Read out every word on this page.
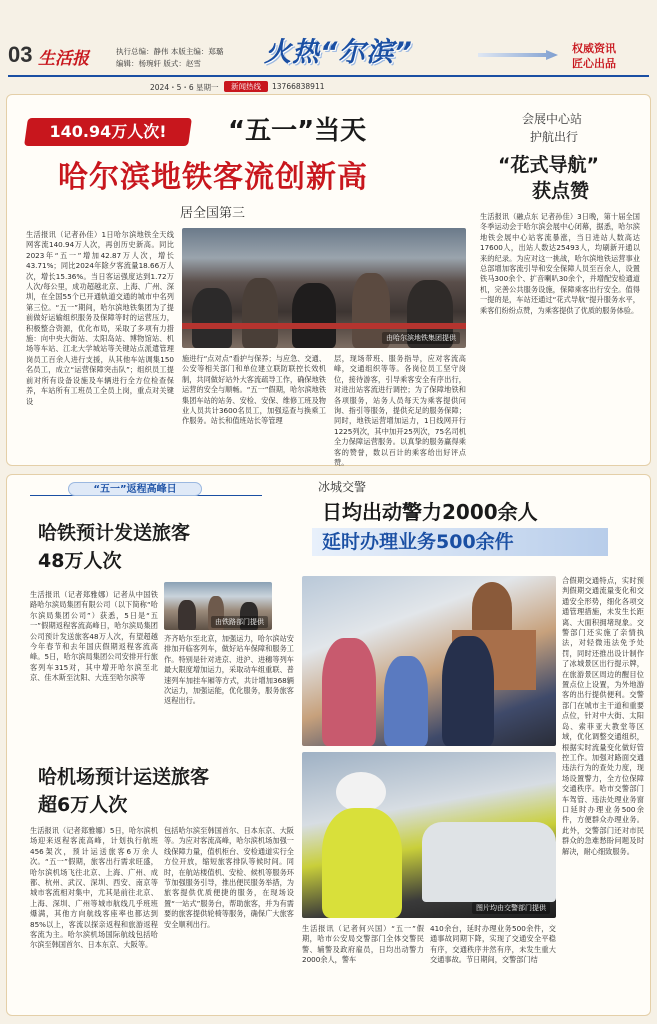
03 生活报	执行总编：静伟 本版主编：郑璐
编辑：杨琬轩 版式：赵雪 火热“尔滨”	权威资讯
匠心出品
2024・5・6 星期一	新闻热线	13766838911
140.94万人次!	“五一”当天
哈尔滨地铁客流创新高
居全国第三
由哈尔滨地铁集团提供
生活报讯（记者孙佳）1日哈尔滨地铁全天线网客流140.94万人次，再创历史新高。同比2023年“五一”增加42.87万人次，增长43.71%；同比2024年除夕客流量18.66万人次，增长15.36%。当日客运强度达到1.72万人次/每公里，成功超越北京、上海、广州、深圳，在全国55个已开通轨道交通的城市中名列第三位。“五一”期间，哈尔滨地铁集团为了提前做好运输组织服务及保障等时的运营压力，积极整合资源，优化布局，采取了多项有力措施：向中央大街站、太阳岛站、博物馆站、机场等车站、江北大学城站等关键站点派遣管理岗员工百余人进行支援，从其他车站调集150名员工，成立“运营保障突击队”；组织员工提前对所有设备设施及车辆进行全方位检查保养，车站所有工班员工全员上岗，重点对关键设
施进行“点对点”看护与保养；与应急、交通、公安等相关部门和单位建立联防联控长效机制，共同做好站外大客流疏导工作，确保地铁运营的安全与顺畅。“五一”假期，哈尔滨地铁集团车站的站务、安检、安保、维修工班及物业人员共计3600名员工，加强巡查与换乘工作服务。站长和值班站长等管理
层，现场带班、服务指导，应对客流高峰，交通组织等等。各岗位员工坚守岗位，接待游客，引导乘客安全有序出行，对进出站客流进行调控；为了保障地铁和各项服务，站务人员每天为乘客提供问询、指引等服务，提供充足的服务保障；同时，地铁运营增加运力，1日线网开行1225列次，其中加开25列次，75名司机全力保障运营服务。以真挚的服务赢得乘客的赞誉，数以百计的乘客给出好评点赞。
会展中心站
护航出行
“花式导航”
获点赞
生活报讯（融点东 记者孙佳）3日晚，第十届全国冬季运动会于哈尔滨会展中心闭幕，据悉，哈尔滨地铁会展中心站客流暴涨，当日进站人数高达17600人，出站人数达25493人，均刷新开通以来的纪录。为应对这一挑战，哈尔滨地铁运营事业总部增加客流引导和安全保障人员至百余人，设置铁马300余个、扩音喇叭30余个，并增配安检通道机，完善公共服务设施，保障乘客出行安全。值得一提的是，车站还通过“花式导航”提升服务水平，乘客们纷纷点赞，为乘客提供了优质的服务体验。
“五一”返程高峰日
哈铁预计发送旅客
48万人次
由铁路部门提供
生活报讯（记者郑雅娜）记者从中国铁路哈尔滨局集团有限公司（以下简称“哈尔滨局集团公司”）获悉，5日是“五一”假期返程客流高峰日，哈尔滨局集团公司预计发送旅客48万人次，有望超越今年春节和去年国庆假期返程客流高峰。5日，哈尔滨局集团公司安排开行旅客列车315对，其中增开哈尔滨至北京、佳木斯至沈阳、大连至哈尔滨等
齐齐哈尔至北京，加强运力，哈尔滨站安排加开临客列车，做好站车保障和服务工作。特别是针对进京、进沪、进穗等列车最大限度增加运力，采取动车组重联、普速列车加挂车厢等方式，共计增加368辆次运力，加强运能，优化服务，服务旅客返程出行。
哈机场预计运送旅客
超6万人次
生活报讯（记者郑雅娜）5日，哈尔滨机场迎来返程客流高峰，计划执行航班456架次，预计运送旅客6万余人次。“五一”假期，旅客出行需求旺盛，哈尔滨机场飞往北京、上海、广州、成都、杭州、武汉、深圳、西安、南京等城市客流相对集中，尤其是前往北京、上海、深圳、广州等城市航线几乎班班爆满，其他方向航线客座率也都达到85%以上，客流以探亲返程和旅游返程客流为主。哈尔滨机场国际航线包括哈尔滨至韩国首尔、日本东京、大阪等。
包括哈尔滨至韩国首尔、日本东京、大阪等。为应对客流高峰，哈尔滨机场加强一线保障力量，值机柜台、安检通道实行全方位开放，缩短旅客排队等候时间。同时，在航站楼值机、安检、候机等服务环节加强服务引导，推出便民服务举措，为旅客提供优质便捷的服务，在现场设置“一站式”服务台，帮助旅客，并为有需要的旅客提供轮椅等服务，确保广大旅客安全顺利出行。
冰城交警
日均出动警力2000余人
延时办理业务500余件
图片均由交警部门提供
合假期交通特点，实时预判假期交通流量变化和交通安全形势，细化各项交通管理措施，未发生长距离、大面积拥堵现象。交警部门还实施了亲情执法，对轻微违法免予处罚，同时还推出设计制作了冰城景区出行提示牌，在旅游景区周边的醒目位置点位上设置，为外地游客的出行提供便利。交警部门在城市主干道和重要点位，针对中大街、太阳岛、索菲亚大教堂等区域，优化调整交通组织，根据实时流量变化做好管控工作。加强对路面交通违法行为的查处力度，现场设置警力，全方位保障交通秩序。哈市交警部门车驾管、违法处理业务窗口延时办理业务500余件，方便群众办理业务。此外，交警部门还对市民群众的急难愁盼问题及时解决，耐心细致服务。
生活报讯（记者何兴国）“五一”假期，哈市公安局交警部门全体交警民警、辅警及政府雇员，日均出动警力2000余人，警车
410余台，延时办理业务500余件，交通事故同期下降，实现了交通安全平稳有序，交通秩序井然有序，未发生重大交通事故。节日期间，交警部门结
